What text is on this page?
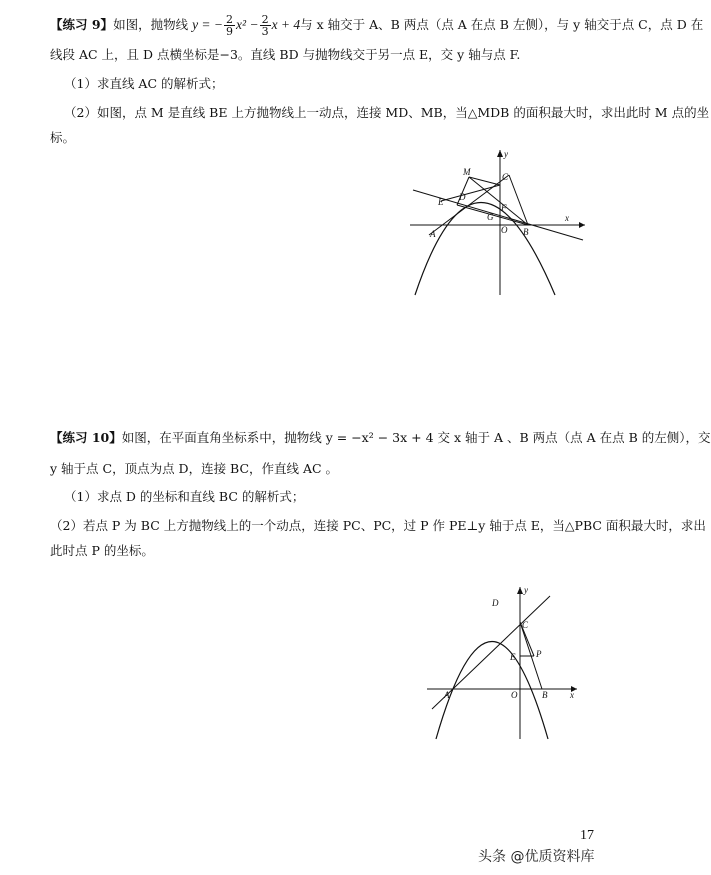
【练习 9】如图，抛物线 y = − $\frac{2}{9} x^2 - \frac{2}{3}$ x + 4与 x 轴交于 A、B 两点（点 A 在点 B 左侧），与 y 轴交于点 C，点 D 在
线段 AC 上，且 D 点横坐标是−3。直线 BD 与抛物线交于另一点 E，交 y 轴与点 F.
（1）求直线 AC 的解析式；
（2）如图，点 M 是直线 BE 上方抛物线上一动点，连接 MD、MB，当△MDB 的面积最大时，求出此时 M 点的坐
标。
y
M	C
E D
F
G
O B
x
A
【练习 10】如图，在平面直角坐标系中，抛物线 y = −x² − 3x + 4 交 x 轴于 A 、B 两点（点 A 在点 B 的左侧），交
y 轴于点 C，顶点为点 D，连接 BC，作直线 AC 。
（1）求点 D 的坐标和直线 BC 的解析式；
（2）若点 P 为 BC 上方抛物线上的一个动点，连接 PC、PC，过 P 作 PE⊥y 轴于点 E，当△PBC 面积最大时，求出
此时点 P 的坐标。
y
D
C
E P
A	O	B	x
17
头条 @优质资料库
